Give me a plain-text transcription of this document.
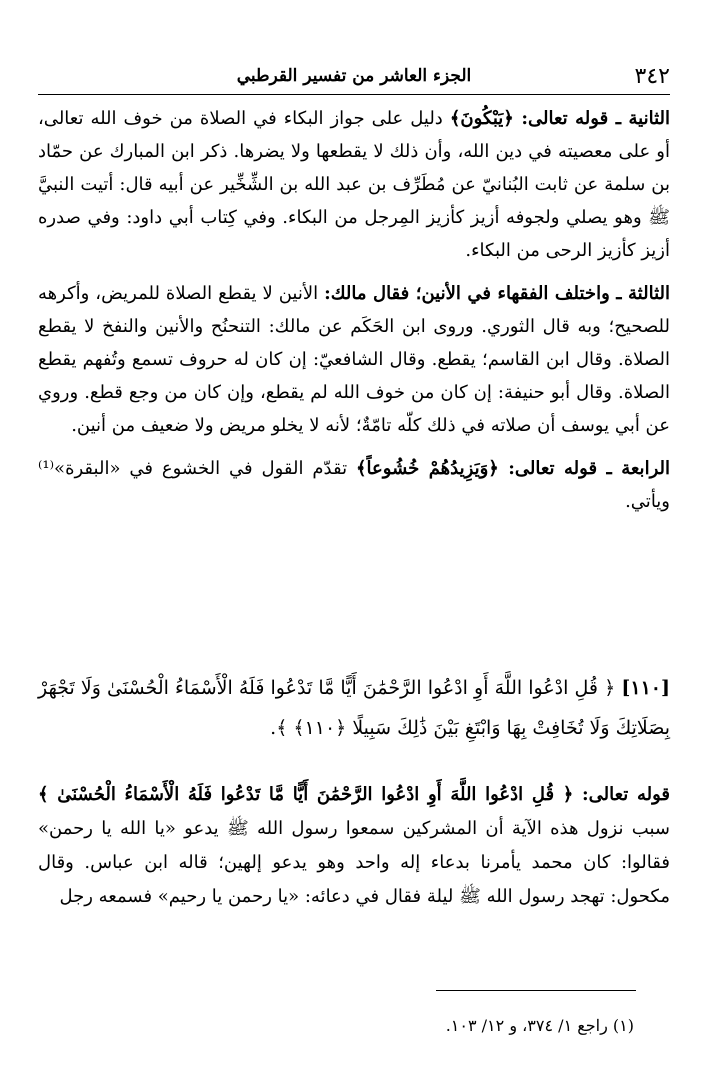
٣٤٢
الجزء العاشر من تفسير القرطبي

الثانية ـ قوله تعالى: ﴿يَبْكُونَ﴾ دليل على جواز البكاء في الصلاة من خوف الله تعالى، أو على معصيته في دين الله، وأن ذلك لا يقطعها ولا يضرها. ذكر ابن المبارك عن حمّاد بن سلمة عن ثابت البُنانيّ عن مُطَرِّف بن عبد الله بن الشِّخِّير عن أبيه قال: أتيت النبيَّ ﷺ وهو يصلي ولجوفه أزيز كأزيز المِرجل من البكاء. وفي كِتاب أبي داود: وفي صدره أزيز كأزيز الرحى من البكاء.

الثالثة ـ واختلف الفقهاء في الأنين؛ فقال مالك: الأنين لا يقطع الصلاة للمريض، وأكرهه للصحيح؛ وبه قال الثوري. وروى ابن الحَكَم عن مالك: التنحنُح والأنين والنفخ لا يقطع الصلاة. وقال ابن القاسم؛ يقطع. وقال الشافعيّ: إن كان له حروف تسمع وتُفهم يقطع الصلاة. وقال أبو حنيفة: إن كان من خوف الله لم يقطع، وإن كان من وجع قطع. وروي عن أبي يوسف أن صلاته في ذلك كلّه تامّةٌ؛ لأنه لا يخلو مريض ولا ضعيف من أنين.

الرابعة ـ قوله تعالى: ﴿وَيَزِيدُهُمْ خُشُوعاً﴾ تقدّم القول في الخشوع في «البقرة»⁽¹⁾ ويأتي.

[١١٠] ﴿ قُلِ ادْعُوا اللَّهَ أَوِ ادْعُوا الرَّحْمَٰنَ أَيًّا مَّا تَدْعُوا فَلَهُ الْأَسْمَاءُ الْحُسْنَىٰ وَلَا تَجْهَرْ بِصَلَاتِكَ وَلَا تُخَافِتْ بِهَا وَابْتَغِ بَيْنَ ذَٰلِكَ سَبِيلًا ﴿١١٠﴾ ﴾.
قوله تعالى: ﴿ قُلِ ادْعُوا اللَّهَ أَوِ ادْعُوا الرَّحْمَٰنَ أَيًّا مَّا تَدْعُوا فَلَهُ الْأَسْمَاءُ الْحُسْنَىٰ ﴾ سبب نزول هذه الآية أن المشركين سمعوا رسول الله ﷺ يدعو «يا الله يا رحمن» فقالوا: كان محمد يأمرنا بدعاء إله واحد وهو يدعو إلهين؛ قاله ابن عباس. وقال مكحول: تهجد رسول الله ﷺ ليلة فقال في دعائه: «يا رحمن يا رحيم» فسمعه رجل
(١) راجع ١/ ٣٧٤، و ١٢/ ١٠٣.
